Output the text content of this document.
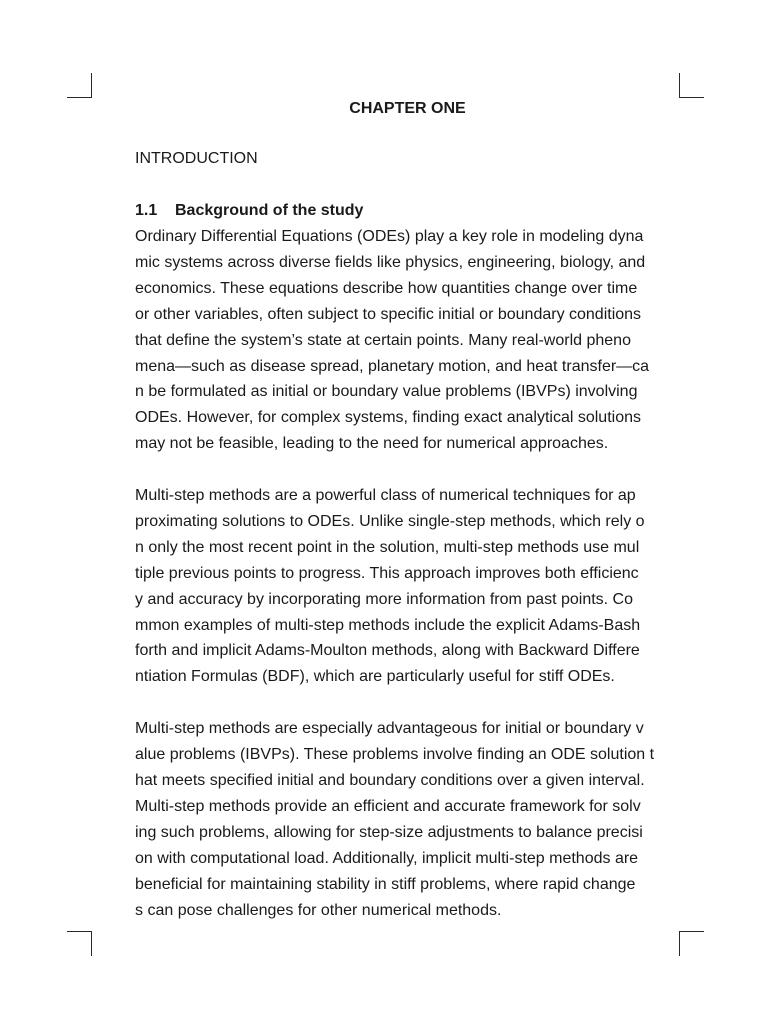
CHAPTER ONE
INTRODUCTION
1.1 Background of the study

Ordinary Differential Equations (ODEs) play a key role in modeling dyna
mic systems across diverse fields like physics, engineering, biology, and
economics. These equations describe how quantities change over time
or other variables, often subject to specific initial or boundary conditions
that define the system’s state at certain points. Many real-world pheno
mena—such as disease spread, planetary motion, and heat transfer—ca
n be formulated as initial or boundary value problems (IBVPs) involving
ODEs. However, for complex systems, finding exact analytical solutions
may not be feasible, leading to the need for numerical approaches.

Multi-step methods are a powerful class of numerical techniques for ap
proximating solutions to ODEs. Unlike single-step methods, which rely o
n only the most recent point in the solution, multi-step methods use mul
tiple previous points to progress. This approach improves both efficienc
y and accuracy by incorporating more information from past points. Co
mmon examples of multi-step methods include the explicit Adams-Bash
forth and implicit Adams-Moulton methods, along with Backward Differe
ntiation Formulas (BDF), which are particularly useful for stiff ODEs.

Multi-step methods are especially advantageous for initial or boundary v
alue problems (IBVPs). These problems involve finding an ODE solution t
hat meets specified initial and boundary conditions over a given interval.
Multi-step methods provide an efficient and accurate framework for solv
ing such problems, allowing for step-size adjustments to balance precisi
on with computational load. Additionally, implicit multi-step methods are
beneficial for maintaining stability in stiff problems, where rapid change
s can pose challenges for other numerical methods.
